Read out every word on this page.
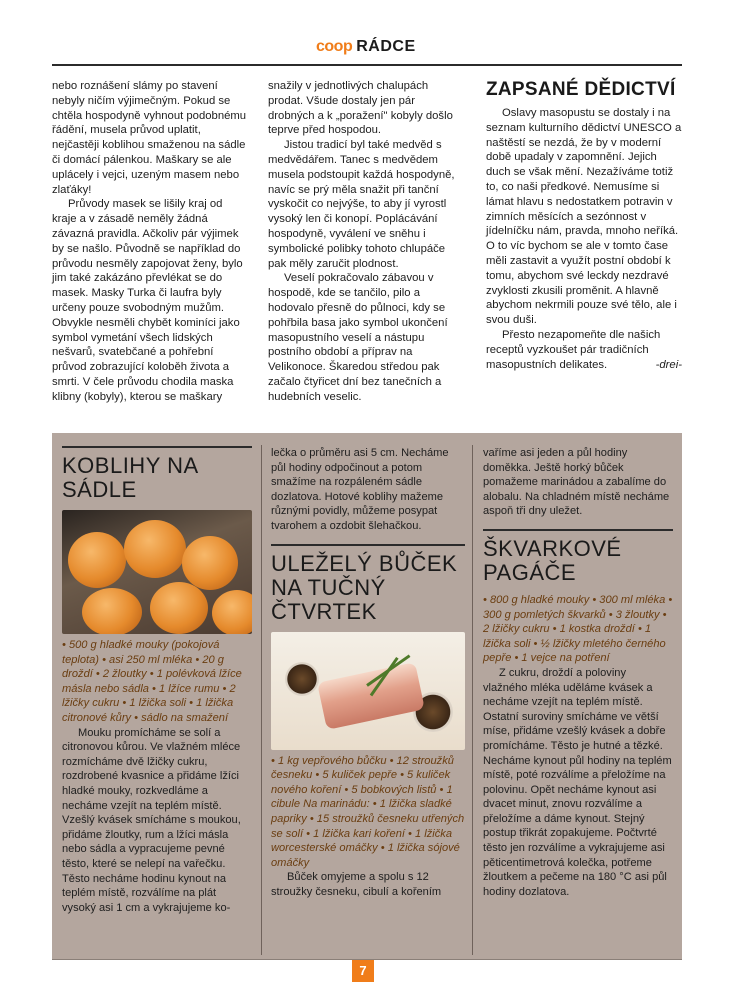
coop RÁDCE

nebo roznášení slámy po stavení nebyly ničím výjimečným. Pokud se chtěla hospodyně vyhnout podobnému řádění, musela průvod uplatit, nejčastěji koblihou smaženou na sádle či domácí pálenkou. Maškary se ale uplácely i vejci, uzeným masem nebo zlaťáky!

Průvody masek se lišily kraj od kraje a v zásadě neměly žádná závazná pravidla. Ačkoliv pár výjimek by se našlo. Původně se například do průvodu nesměly zapojovat ženy, bylo jim také zakázáno převlékat se do masek. Masky Turka či laufra byly určeny pouze svobodným mužům. Obvykle nesměli chybět kominíci jako symbol vymetání všech lidských nešvarů, svatebčané a pohřební průvod zobrazující koloběh života a smrti. V čele průvodu chodila maska klibny (kobyly), kterou se maškary

snažily v jednotlivých chalupách prodat. Všude dostaly jen pár drobných a k „poražení" kobyly došlo teprve před hospodou.

Jistou tradicí byl také medvěd s medvědářem. Tanec s medvědem musela podstoupit každá hospodyně, navíc se prý měla snažit při tanční vyskočit co nejvýše, to aby jí vyrostl vysoký len či konopí. Poplácávání hospodyně, vyválení ve sněhu i symbolické polibky tohoto chlupáče pak měly zaručit plodnost.

Veselí pokračovalo zábavou v hospodě, kde se tančilo, pilo a hodovalo přesně do půlnoci, kdy se pohřbila basa jako symbol ukončení masopustního veselí a nástupu postního období a příprav na Velikonoce. Škaredou středou pak začalo čtyřicet dní bez tanečních a hudebních veselic.

ZAPSANÉ DĚDICTVÍ

Oslavy masopustu se dostaly i na seznam kulturního dědictví UNESCO a naštěstí se nezdá, že by v moderní době upadaly v zapomnění. Jejich duch se však mění. Nezažíváme totiž to, co naši předkové. Nemusíme si lámat hlavu s nedostatkem potravin v zimních měsících a sezónnost v jídelníčku nám, pravda, mnoho neříká. O to víc bychom se ale v tomto čase měli zastavit a využít postní období k tomu, abychom své leckdy nezdravé zvyklosti zkusili proměnit. A hlavně abychom nekrmili pouze své tělo, ale i svou duši.

Přesto nezapomeňte dle našich receptů vyzkoušet pár tradičních masopustních delikates.	-drei-

KOBLIHY NA SÁDLE
• 500 g hladké mouky (pokojová teplota) • asi 250 ml mléka • 20 g droždí • 2 žloutky • 1 polévková lžíce másla nebo sádla • 1 lžíce rumu • 2 lžičky cukru • 1 lžička soli • 1 lžička citronové kůry • sádlo na smažení

Mouku promícháme se solí a citronovou kůrou. Ve vlažném mléce rozmícháme dvě lžičky cukru, rozdrobené kvasnice a přidáme lžíci hladké mouky, rozkvedláme a necháme vzejít na teplém místě. Vzešlý kvásek smícháme s moukou, přidáme žloutky, rum a lžíci másla nebo sádla a vypracujeme pevné těsto, které se nelepí na vařečku. Těsto necháme hodinu kynout na teplém místě, rozválíme na plát vysoký asi 1 cm a vykrajujeme ko-

lečka o průměru asi 5 cm. Necháme půl hodiny odpočinout a potom smažíme na rozpáleném sádle dozlatova. Hotové koblihy mažeme různými povidly, můžeme posypat tvarohem a ozdobit šlehačkou.

ULEŽELÝ BŮČEK NA TUČNÝ ČTVRTEK
• 1 kg vepřového bůčku • 12 stroužků česneku • 5 kuliček pepře • 5 kuliček nového koření • 5 bobkových listů • 1 cibule Na marinádu: • 1 lžička sladké papriky • 15 stroužků česneku utřených se solí • 1 lžička kari koření • 1 lžička worcesterské omáčky • 1 lžička sójové omáčky

Bůček omyjeme a spolu s 12 stroužky česneku, cibulí a kořením

vaříme asi jeden a půl hodiny doměkka. Ještě horký bůček pomažeme marinádou a zabalíme do alobalu. Na chladném místě necháme aspoň tři dny uležet.

ŠKVARKOVÉ PAGÁČE
• 800 g hladké mouky • 300 ml mléka • 300 g pomletých škvarků • 3 žloutky • 2 lžičky cukru • 1 kostka droždí • 1 lžička soli • ½ lžičky mletého černého pepře • 1 vejce na potření

Z cukru, droždí a poloviny vlažného mléka uděláme kvásek a necháme vzejít na teplém místě. Ostatní suroviny smícháme ve větší míse, přidáme vzešlý kvásek a dobře promícháme. Těsto je hutné a tězké. Necháme kynout půl hodiny na teplém místě, poté rozválíme a přeložíme na polovinu. Opět necháme kynout asi dvacet minut, znovu rozválíme a přeložíme a dáme kynout. Stejný postup třikrát zopakujeme. Počtvrté těsto jen rozválíme a vykrajujeme asi pěticentimetrová kolečka, potřeme žloutkem a pečeme na 180 °C asi půl hodiny dozlatova.

7
